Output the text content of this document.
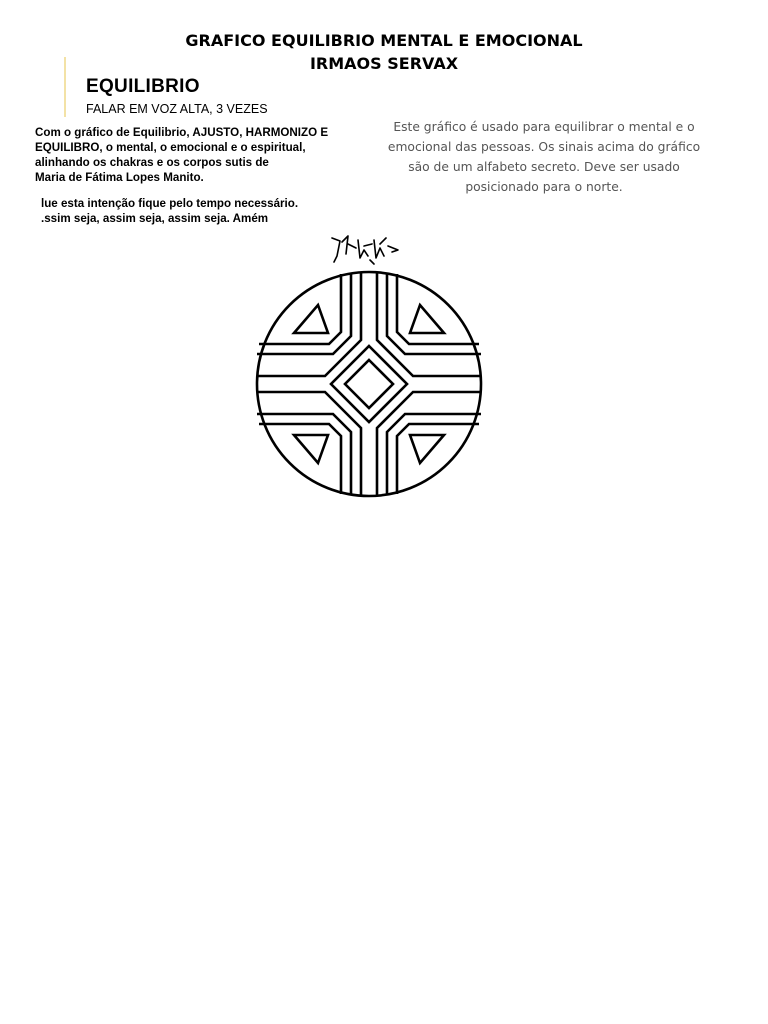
GRAFICO EQUILIBRIO MENTAL E EMOCIONAL
IRMAOS SERVAX
EQUILIBRIO
FALAR EM VOZ ALTA, 3 VEZES
Com o gráfico de Equilibrio, AJUSTO, HARMONIZO E
EQUILIBRO, o mental, o emocional e o espiritual,
alinhando os chakras e os corpos sutis de
Maria de Fátima Lopes Manito.
lue esta intenção fique pelo tempo necessário.
.ssim seja, assim seja, assim seja. Amém
Este gráfico é usado para equilibrar o mental e o
emocional das pessoas. Os sinais acima do gráfico
são de um alfabeto secreto. Deve ser usado
posicionado para o norte.
